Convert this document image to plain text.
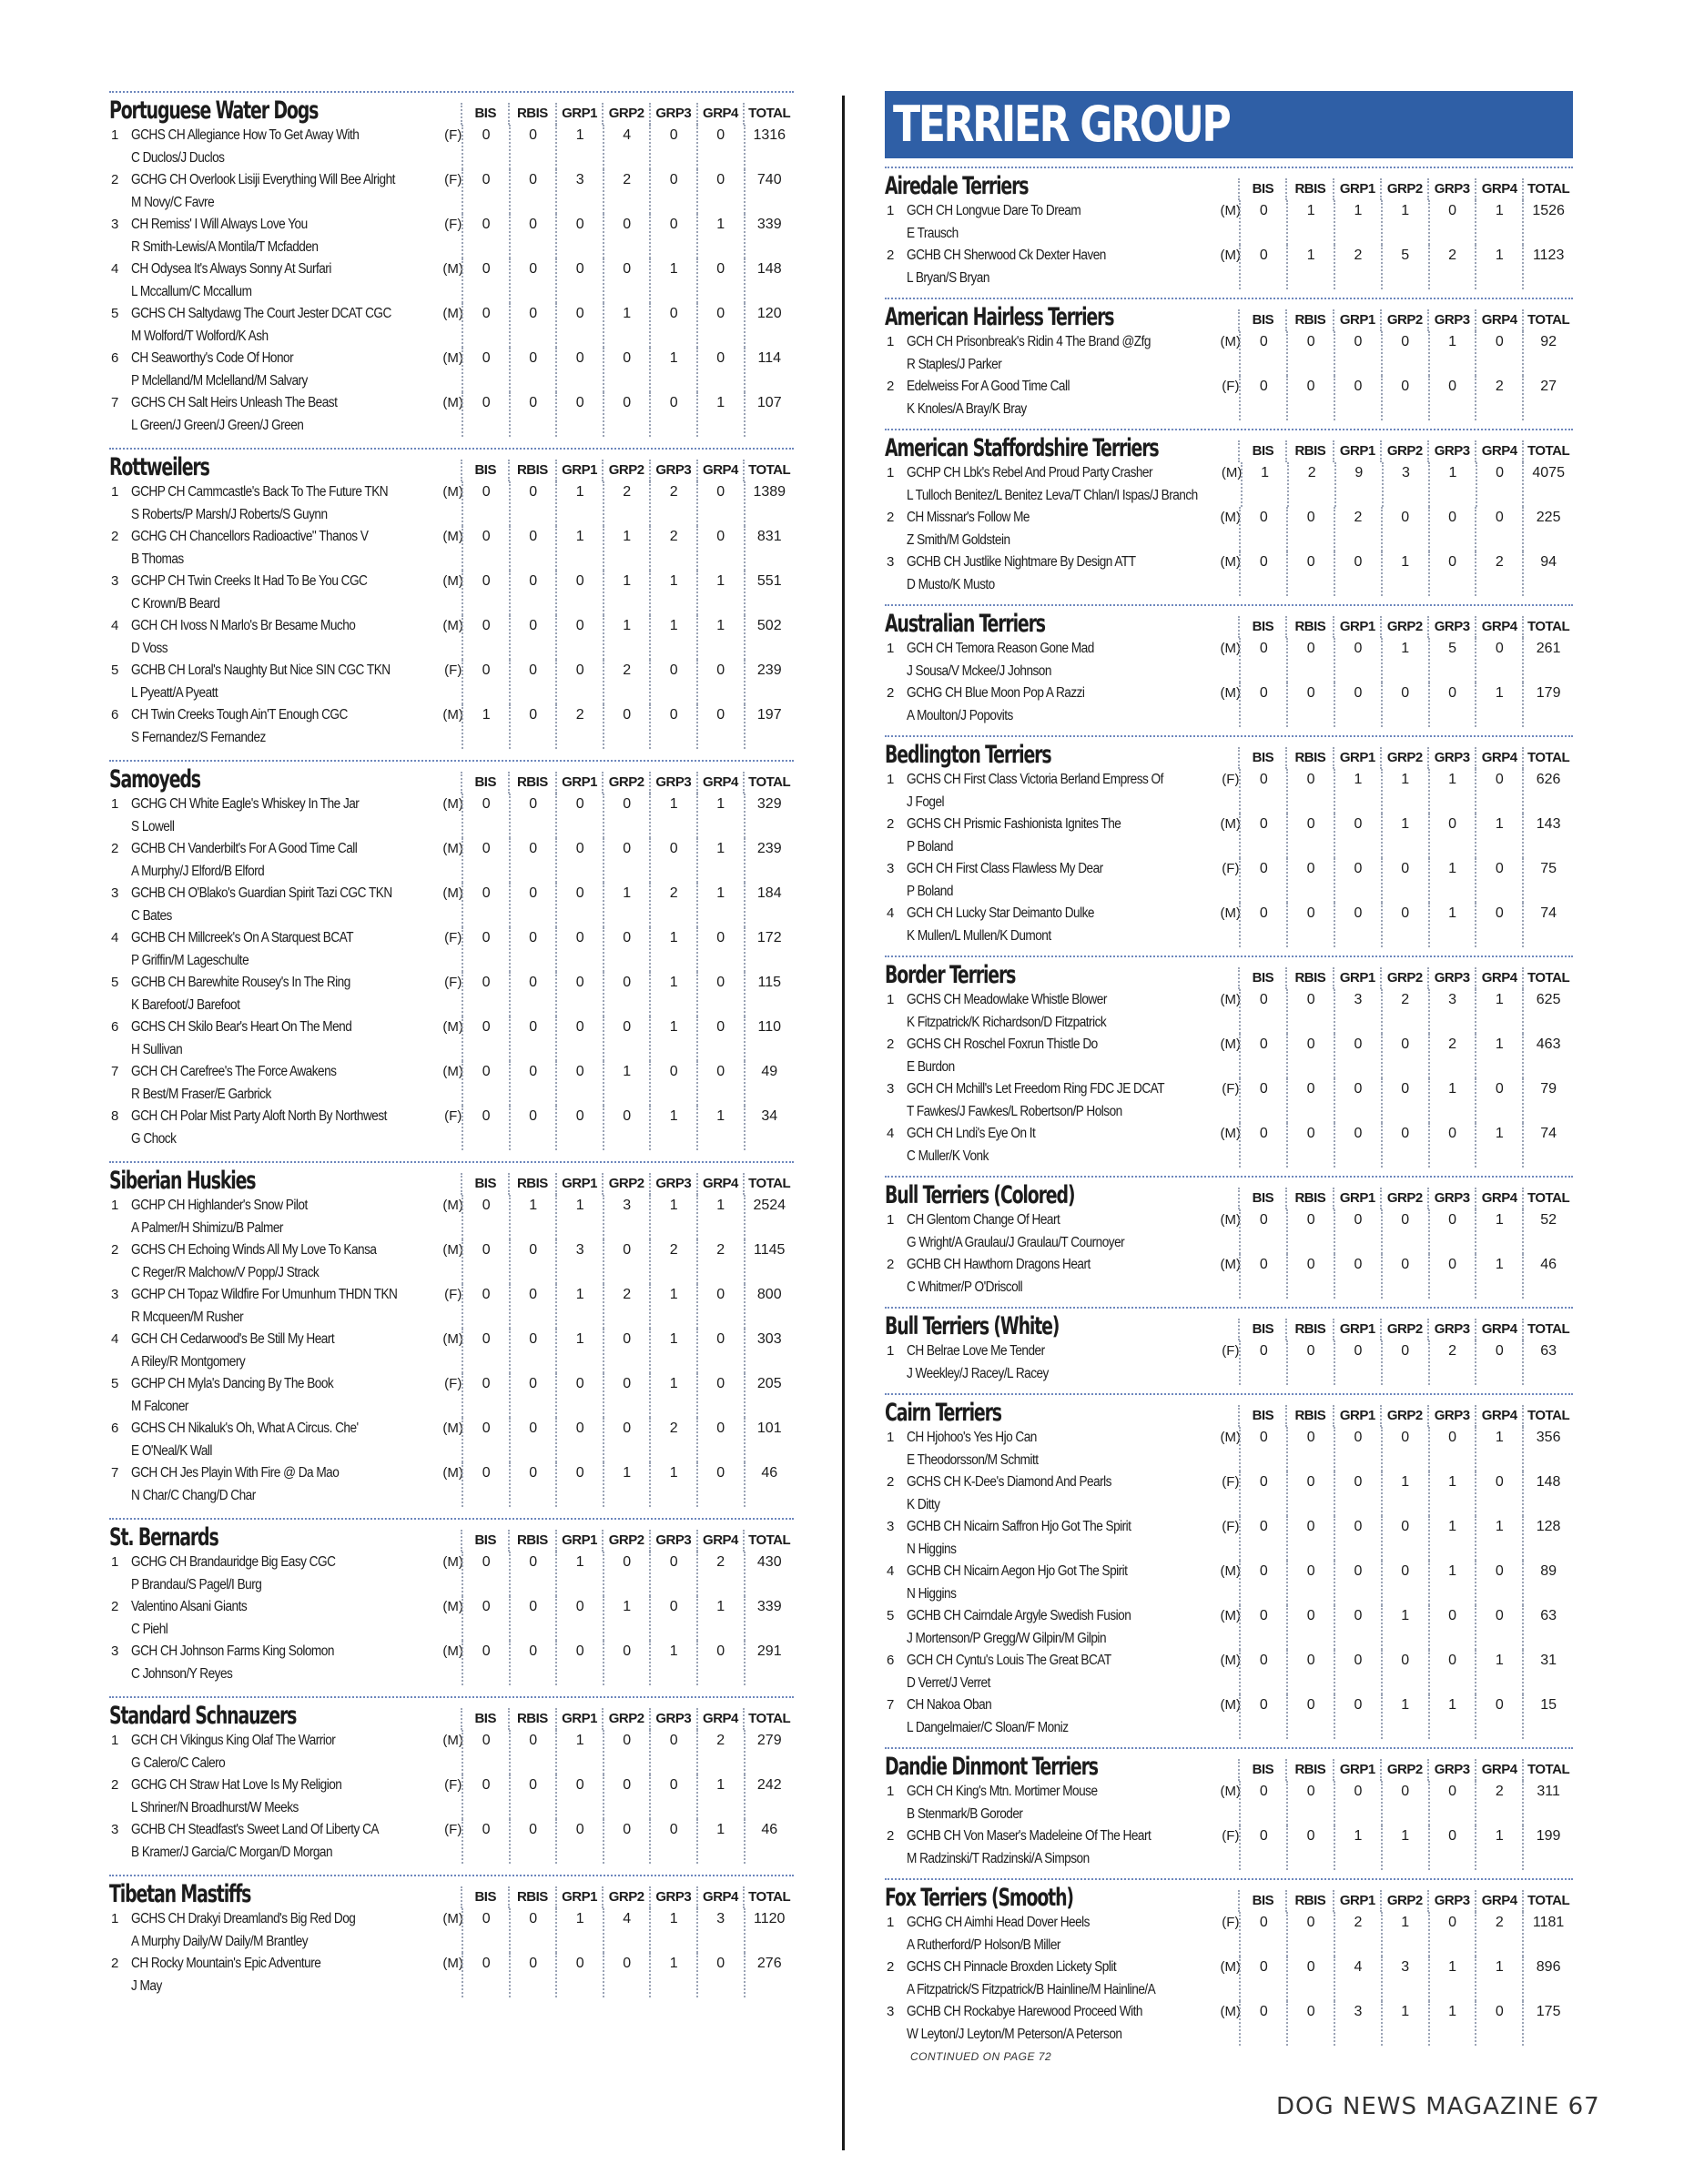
Portuguese Water Dogs	BIS	RBIS	GRP1 GRP2 GRP3 GRP4 TOTAL
1 GCHS CH Allegiance How To Get Away With
C Duclos/J Duclos
(F)	0	0	1	4	0	0	1316
2 GCHG CH Overlook Lisiji Everything Will Bee Alright
M Novy/C Favre
(F)	0	0	3	2	0	0	740
3 CH Remiss' I Will Always Love You
R Smith-Lewis/A Montila/T Mcfadden
(F)	0	0	0	0	0	1	339
4 CH Odysea It's Always Sonny At Surfari
L Mccallum/C Mccallum
(M)	0	0	0	0	1	0	148
5 GCHS CH Saltydawg The Court Jester DCAT CGC
M Wolford/T Wolford/K Ash
(M)	0	0	0	1	0	0	120
6 CH Seaworthy's Code Of Honor
P Mclelland/M Mclelland/M Salvary
(M)	0	0	0	0	1	0	114
7 GCHS CH Salt Heirs Unleash The Beast
L Green/J Green/J Green/J Green
(M)	0	0	0	0	0	1	107
Rottweilers	BIS	RBIS	GRP1 GRP2 GRP3 GRP4 TOTAL
1 GCHP CH Cammcastle's Back To The Future TKN
S Roberts/P Marsh/J Roberts/S Guynn
(M)	0	0	1	2	2	0	1389
2 GCHG CH Chancellors Radioactive" Thanos V
B Thomas
(M)	0	0	1	1	2	0	831
3 GCHP CH Twin Creeks It Had To Be You CGC
C Krown/B Beard
(M)	0	0	0	1	1	1	551
4 GCH CH Ivoss N Marlo's Br Besame Mucho
D Voss
(M)	0	0	0	1	1	1	502
5 GCHB CH Loral's Naughty But Nice SIN CGC TKN
L Pyeatt/A Pyeatt
(F)	0	0	0	2	0	0	239
6 CH Twin Creeks Tough Ain'T Enough CGC
S Fernandez/S Fernandez
(M)	1	0	2	0	0	0	197
Samoyeds	BIS	RBIS	GRP1 GRP2 GRP3 GRP4 TOTAL
1 GCHG CH White Eagle's Whiskey In The Jar
S Lowell
(M)	0	0	0	0	1	1	329
2 GCHB CH Vanderbilt's For A Good Time Call
A Murphy/J Elford/B Elford
(M)	0	0	0	0	0	1	239
3 GCHB CH O'Blako's Guardian Spirit Tazi CGC TKN
C Bates
(M)	0	0	0	1	2	1	184
4 GCHB CH Millcreek's On A Starquest BCAT
P Griffin/M Lageschulte
(F)	0	0	0	0	1	0	172
5 GCHB CH Barewhite Rousey's In The Ring
K Barefoot/J Barefoot
(F)	0	0	0	0	1	0	115
6 GCHS CH Skilo Bear's Heart On The Mend
H Sullivan
(M)	0	0	0	0	1	0	110
7 GCH CH Carefree's The Force Awakens
R Best/M Fraser/E Garbrick
(M)	0	0	0	1	0	0	49
8 GCH CH Polar Mist Party Aloft North By Northwest
G Chock
(F)	0	0	0	0	1	1	34
Siberian Huskies	BIS	RBIS	GRP1 GRP2 GRP3 GRP4 TOTAL
1 GCHP CH Highlander's Snow Pilot
A Palmer/H Shimizu/B Palmer
(M)	0	1	1	3	1	1	2524
2 GCHS CH Echoing Winds All My Love To Kansa
C Reger/R Malchow/V Popp/J Strack
(M)	0	0	3	0	2	2	1145
3 GCHP CH Topaz Wildfire For Umunhum THDN TKN
R Mcqueen/M Rusher
(F)	0	0	1	2	1	0	800
4 GCH CH Cedarwood's Be Still My Heart
A Riley/R Montgomery
(M)	0	0	1	0	1	0	303
5 GCHP CH Myla's Dancing By The Book
M Falconer
(F)	0	0	0	0	1	0	205
6 GCHS CH Nikaluk's Oh, What A Circus. Che'
E O'Neal/K Wall
(M)	0	0	0	0	2	0	101
7 GCH CH Jes Playin With Fire @ Da Mao
N Char/C Chang/D Char
(M)	0	0	0	1	1	0	46
St. Bernards	BIS	RBIS	GRP1 GRP2 GRP3 GRP4 TOTAL
1 GCHG CH Brandauridge Big Easy CGC
P Brandau/S Pagel/I Burg
(M)	0	0	1	0	0	2	430
2 Valentino Alsani Giants
C Piehl
(M)	0	0	0	1	0	1	339
3 GCH CH Johnson Farms King Solomon
C Johnson/Y Reyes
(M)	0	0	0	0	1	0	291
Standard Schnauzers	BIS	RBIS	GRP1 GRP2 GRP3 GRP4 TOTAL
1 GCH CH Vikingus King Olaf The Warrior
G Calero/C Calero
(M)	0	0	1	0	0	2	279
2 GCHG CH Straw Hat Love Is My Religion
L Shriner/N Broadhurst/W Meeks
(F)	0	0	0	0	0	1	242
3 GCHB CH Steadfast's Sweet Land Of Liberty CA
B Kramer/J Garcia/C Morgan/D Morgan
(F)	0	0	0	0	0	1	46
Tibetan Mastiffs	BIS	RBIS	GRP1 GRP2 GRP3 GRP4 TOTAL
1 GCHS CH Drakyi Dreamland's Big Red Dog
A Murphy Daily/W Daily/M Brantley
(M)	0	0	1	4	1	3	1120
2 CH Rocky Mountain's Epic Adventure
J May
(M)	0	0	0	0	1	0	276
TERRIER GROUP
Airedale Terriers	BIS	RBIS	GRP1 GRP2 GRP3 GRP4 TOTAL
1 GCH CH Longvue Dare To Dream
E Trausch
(M)	0	1	1	1	0	1	1526
2 GCHB CH Sherwood Ck Dexter Haven
L Bryan/S Bryan
(M)	0	1	2	5	2	1	1123
American Hairless Terriers	BIS	RBIS	GRP1 GRP2 GRP3 GRP4 TOTAL
1 GCH CH Prisonbreak's Ridin 4 The Brand @Zfg
R Staples/J Parker
(M)	0	0	0	0	1	0	92
2 Edelweiss For A Good Time Call
K Knoles/A Bray/K Bray
(F)	0	0	0	0	0	2	27
American Staffordshire Terriers	BIS	RBIS	GRP1 GRP2 GRP3 GRP4 TOTAL
1 GCHP CH Lbk's Rebel And Proud Party Crasher
L Tulloch Benitez/L Benitez Leva/T Chlan/I Ispas/J Branch
(M)	1	2	9	3	1	0	4075
2 CH Missnar's Follow Me
Z Smith/M Goldstein
(M)	0	0	2	0	0	0	225
3 GCHB CH Justlike Nightmare By Design ATT
D Musto/K Musto
(M)	0	0	0	1	0	2	94
Australian Terriers	BIS	RBIS	GRP1 GRP2 GRP3 GRP4 TOTAL
1 GCH CH Temora Reason Gone Mad
J Sousa/V Mckee/J Johnson
(M)	0	0	0	1	5	0	261
2 GCHG CH Blue Moon Pop A Razzi
A Moulton/J Popovits
(M)	0	0	0	0	0	1	179
Bedlington Terriers	BIS	RBIS	GRP1 GRP2 GRP3 GRP4 TOTAL
1 GCHS CH First Class Victoria Berland Empress Of
J Fogel
(F)	0	0	1	1	1	0	626
2 GCHS CH Prismic Fashionista Ignites The
P Boland
(M)	0	0	0	1	0	1	143
3 GCH CH First Class Flawless My Dear
P Boland
(F)	0	0	0	0	1	0	75
4 GCH CH Lucky Star Deimanto Dulke
K Mullen/L Mullen/K Dumont
(M)	0	0	0	0	1	0	74
Border Terriers	BIS	RBIS	GRP1 GRP2 GRP3 GRP4 TOTAL
1 GCHS CH Meadowlake Whistle Blower
K Fitzpatrick/K Richardson/D Fitzpatrick
(M)	0	0	3	2	3	1	625
2 GCHS CH Roschel Foxrun Thistle Do
E Burdon
(M)	0	0	0	0	2	1	463
3 GCH CH Mchill's Let Freedom Ring FDC JE DCAT
T Fawkes/J Fawkes/L Robertson/P Holson
(F)	0	0	0	0	1	0	79
4 GCH CH Lndi's Eye On It
C Muller/K Vonk
(M)	0	0	0	0	0	1	74
Bull Terriers (Colored)	BIS	RBIS	GRP1 GRP2 GRP3 GRP4 TOTAL
1 CH Glentom Change Of Heart
G Wright/A Graulau/J Graulau/T Cournoyer
(M)	0	0	0	0	0	1	52
2 GCHB CH Hawthorn Dragons Heart
C Whitmer/P O'Driscoll
(M)	0	0	0	0	0	1	46
Bull Terriers (White)	BIS	RBIS	GRP1 GRP2 GRP3 GRP4 TOTAL
1 CH Belrae Love Me Tender
J Weekley/J Racey/L Racey
(F)	0	0	0	0	2	0	63
Cairn Terriers	BIS	RBIS	GRP1 GRP2 GRP3 GRP4 TOTAL
1 CH Hjohoo's Yes Hjo Can
E Theodorsson/M Schmitt
(M)	0	0	0	0	0	1	356
2 GCHS CH K-Dee's Diamond And Pearls
K Ditty
(F)	0	0	0	1	1	0	148
3 GCHB CH Nicairn Saffron Hjo Got The Spirit
N Higgins
(F)	0	0	0	0	1	1	128
4 GCHB CH Nicairn Aegon Hjo Got The Spirit
N Higgins
(M)	0	0	0	0	1	0	89
5 GCHB CH Cairndale Argyle Swedish Fusion
J Mortenson/P Gregg/W Gilpin/M Gilpin
(M)	0	0	0	1	0	0	63
6 GCH CH Cyntu's Louis The Great BCAT
D Verret/J Verret
(M)	0	0	0	0	0	1	31
7 CH Nakoa Oban
L Dangelmaier/C Sloan/F Moniz
(M)	0	0	0	1	1	0	15
Dandie Dinmont Terriers	BIS	RBIS	GRP1 GRP2 GRP3 GRP4 TOTAL
1 GCH CH King's Mtn. Mortimer Mouse
B Stenmark/B Goroder
(M)	0	0	0	0	0	2	311
2 GCHB CH Von Maser's Madeleine Of The Heart
M Radzinski/T Radzinski/A Simpson
(F)	0	0	1	1	0	1	199
Fox Terriers (Smooth)	BIS	RBIS	GRP1 GRP2 GRP3 GRP4 TOTAL
1 GCHG CH Aimhi Head Dover Heels
A Rutherford/P Holson/B Miller
(F)	0	0	2	1	0	2	1181
2 GCHS CH Pinnacle Broxden Lickety Split
A Fitzpatrick/S Fitzpatrick/B Hainline/M Hainline/A
(M)	0	0	4	3	1	1	896
3 GCHB CH Rockabye Harewood Proceed With
W Leyton/J Leyton/M Peterson/A Peterson
(M)	0	0	3	1	1	0	175
CONTINUED ON PAGE 72
DOG NEWS MAGAZINE 67
